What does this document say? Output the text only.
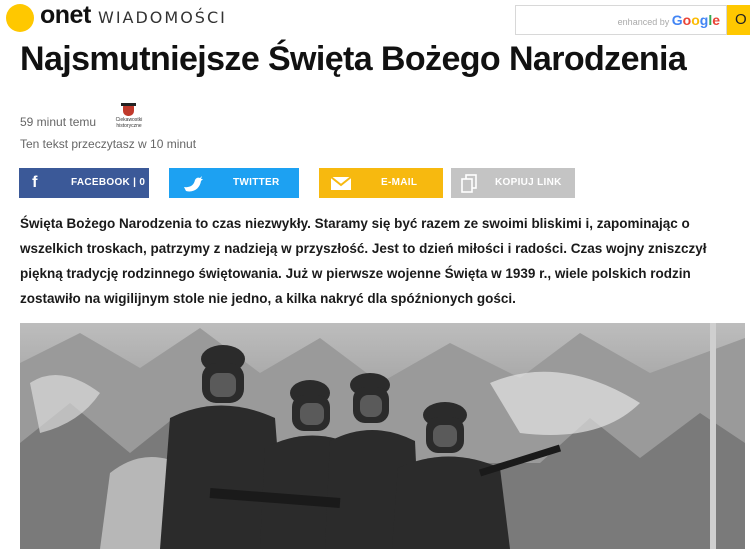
onet WIADOMOŚCI	enhanced by Google	O
Najsmutniejsze Święta Bożego Narodzenia
59 minut temu	Ciekawostki historyczne
Ten tekst przeczytasz w 10 minut
f	FACEBOOK | 0	TWITTER	E-MAIL	KOPIUJ LINK

Święta Bożego Narodzenia to czas niezwykły. Staramy się być razem ze swoimi bliskimi i, zapominając o wszelkich troskach, patrzymy z nadzieją w przyszłość. Jest to dzień miłości i radości. Czas wojny zniszczył piękną tradycję rodzinnego świętowania. Już w pierwsze wojenne Święta w 1939 r., wiele polskich rodzin zostawiło na wigilijnym stole nie jedno, a kilka nakryć dla spóźnionych gości.
